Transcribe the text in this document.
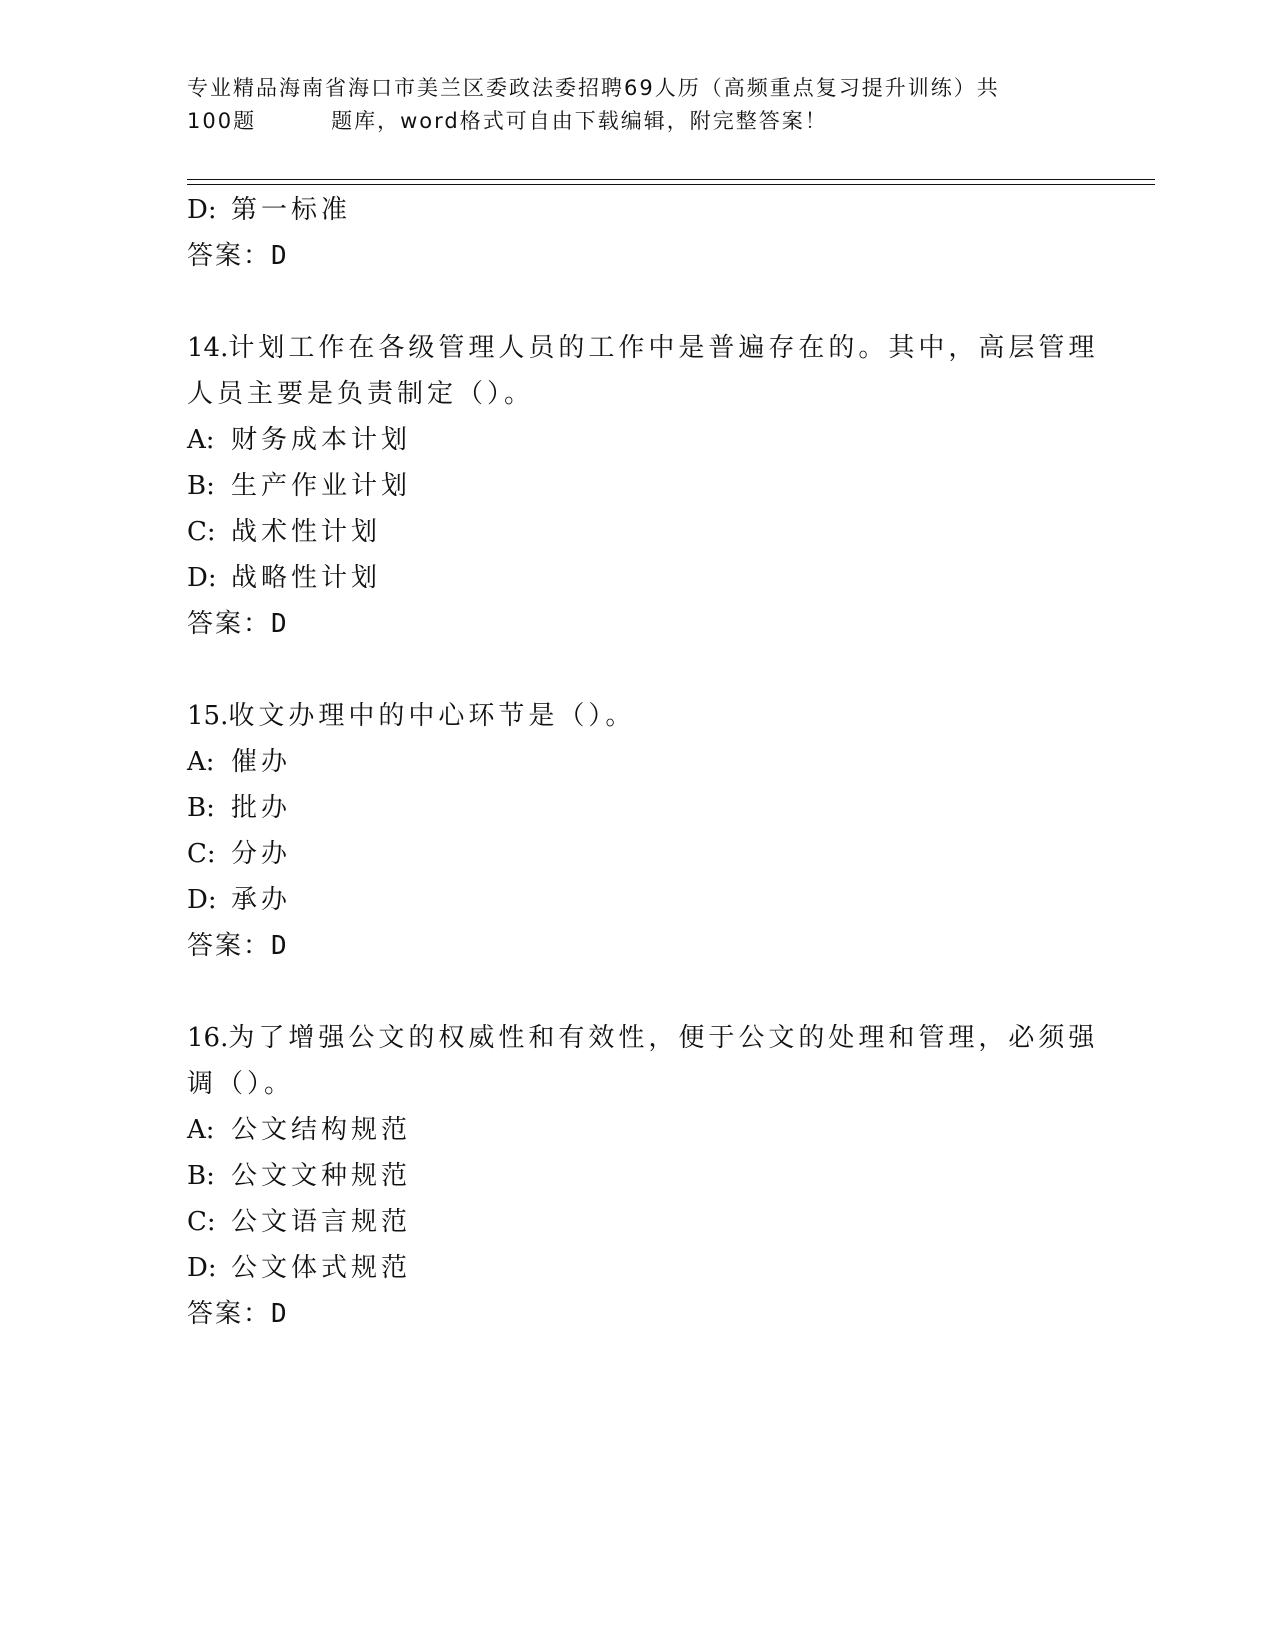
专业精品海南省海口市美兰区委政法委招聘69人历（高频重点复习提升训练）共
100题	题库，word格式可自由下载编辑，附完整答案！
D: 第一标准
答案：D
14.计划工作在各级管理人员的工作中是普遍存在的。其中，高层管理
人员主要是负责制定（）。
A: 财务成本计划
B: 生产作业计划
C: 战术性计划
D: 战略性计划
答案：D
15.收文办理中的中心环节是（）。
A: 催办
B: 批办
C: 分办
D: 承办
答案：D
16.为了增强公文的权威性和有效性，便于公文的处理和管理，必须强
调（）。
A: 公文结构规范
B: 公文文种规范
C: 公文语言规范
D: 公文体式规范
答案：D
